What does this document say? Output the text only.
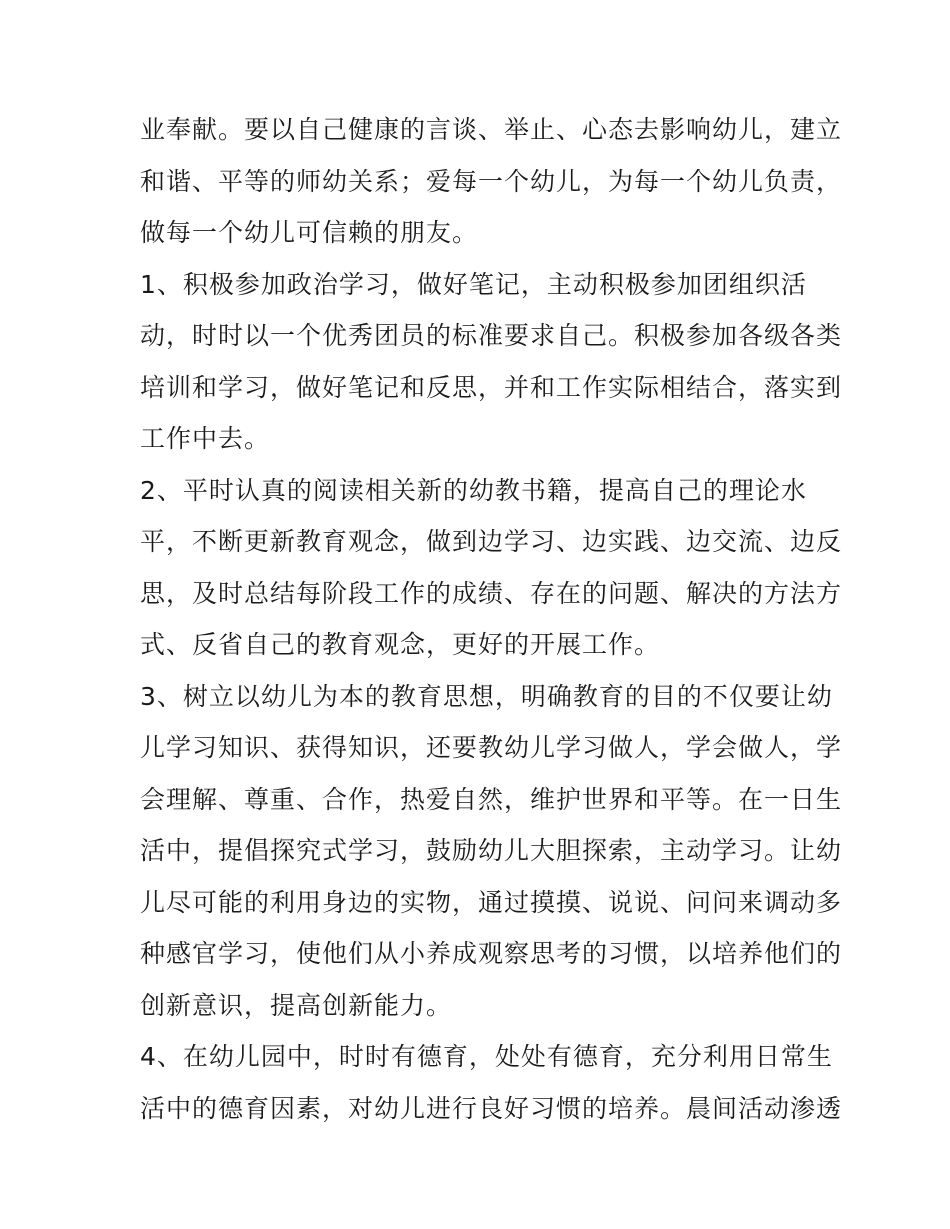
业奉献。要以自己健康的言谈、举止、心态去影响幼儿，建立
和谐、平等的师幼关系；爱每一个幼儿，为每一个幼儿负责，
做每一个幼儿可信赖的朋友。
1、积极参加政治学习，做好笔记，主动积极参加团组织活
动，时时以一个优秀团员的标准要求自己。积极参加各级各类
培训和学习，做好笔记和反思，并和工作实际相结合，落实到
工作中去。
2、平时认真的阅读相关新的幼教书籍，提高自己的理论水
平，不断更新教育观念，做到边学习、边实践、边交流、边反
思，及时总结每阶段工作的成绩、存在的问题、解决的方法方
式、反省自己的教育观念，更好的开展工作。
3、树立以幼儿为本的教育思想，明确教育的目的不仅要让幼
儿学习知识、获得知识，还要教幼儿学习做人，学会做人，学
会理解、尊重、合作，热爱自然，维护世界和平等。在一日生
活中，提倡探究式学习，鼓励幼儿大胆探索，主动学习。让幼
儿尽可能的利用身边的实物，通过摸摸、说说、问问来调动多
种感官学习，使他们从小养成观察思考的习惯，以培养他们的
创新意识，提高创新能力。
4、在幼儿园中，时时有德育，处处有德育，充分利用日常生
活中的德育因素，对幼儿进行良好习惯的培养。晨间活动渗透
